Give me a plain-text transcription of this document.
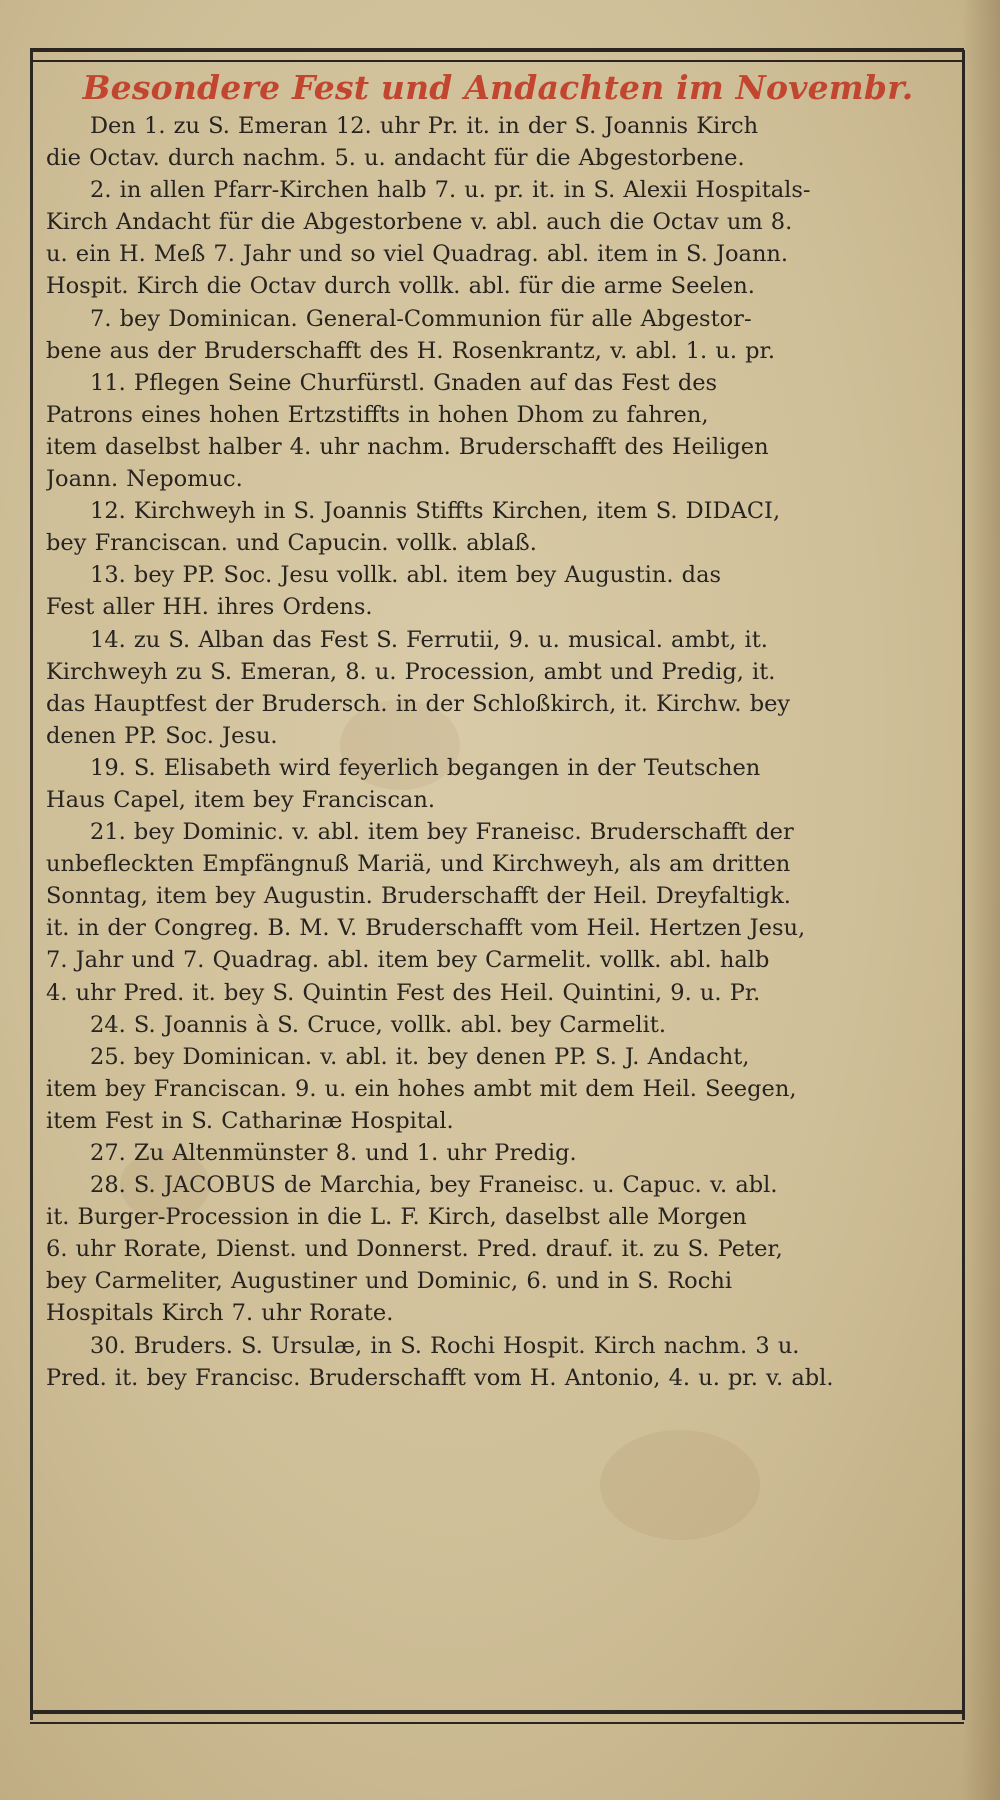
Besondere Fest und Andachten im Novembr.
Den 1. zu S. Emeran 12. uhr Pr. it. in der S. Joannis Kirch
die Octav. durch nachm. 5. u. andacht für die Abgestorbene.
2. in allen Pfarr-Kirchen halb 7. u. pr. it. in S. Alexii Hospitals-
Kirch Andacht für die Abgestorbene v. abl. auch die Octav um 8.
u. ein H. Meß 7. Jahr und so viel Quadrag. abl. item in S. Joann.
Hospit. Kirch die Octav durch vollk. abl. für die arme Seelen.
7. bey Dominican. General-Communion für alle Abgestor-
bene aus der Bruderschafft des H. Rosenkrantz, v. abl. 1. u. pr.
11. Pflegen Seine Churfürstl. Gnaden auf das Fest des
Patrons eines hohen Ertzstiffts in hohen Dhom zu fahren,
item daselbst halber 4. uhr nachm. Bruderschafft des Heiligen
Joann. Nepomuc.
12. Kirchweyh in S. Joannis Stiffts Kirchen, item S. DIDACI,
bey Franciscan. und Capucin. vollk. ablaß.
13. bey PP. Soc. Jesu vollk. abl. item bey Augustin. das
Fest aller HH. ihres Ordens.
14. zu S. Alban das Fest S. Ferrutii, 9. u. musical. ambt, it.
Kirchweyh zu S. Emeran, 8. u. Procession, ambt und Predig, it.
das Hauptfest der Brudersch. in der Schloßkirch, it. Kirchw. bey
denen PP. Soc. Jesu.
19. S. Elisabeth wird feyerlich begangen in der Teutschen
Haus Capel, item bey Franciscan.
21. bey Dominic. v. abl. item bey Franeisc. Bruderschafft der
unbefleckten Empfängnuß Mariä, und Kirchweyh, als am dritten
Sonntag, item bey Augustin. Bruderschafft der Heil. Dreyfaltigk.
it. in der Congreg. B. M. V. Bruderschafft vom Heil. Hertzen Jesu,
7. Jahr und 7. Quadrag. abl. item bey Carmelit. vollk. abl. halb
4. uhr Pred. it. bey S. Quintin Fest des Heil. Quintini, 9. u. Pr.
24. S. Joannis à S. Cruce, vollk. abl. bey Carmelit.
25. bey Dominican. v. abl. it. bey denen PP. S. J. Andacht,
item bey Franciscan. 9. u. ein hohes ambt mit dem Heil. Seegen,
item Fest in S. Catharinæ Hospital.
27. Zu Altenmünster 8. und 1. uhr Predig.
28. S. JACOBUS de Marchia, bey Franeisc. u. Capuc. v. abl.
it. Burger-Procession in die L. F. Kirch, daselbst alle Morgen
6. uhr Rorate, Dienst. und Donnerst. Pred. drauf. it. zu S. Peter,
bey Carmeliter, Augustiner und Dominic, 6. und in S. Rochi
Hospitals Kirch 7. uhr Rorate.
30. Bruders. S. Ursulæ, in S. Rochi Hospit. Kirch nachm. 3 u.
Pred. it. bey Francisc. Bruderschafft vom H. Antonio, 4. u. pr. v. abl.
